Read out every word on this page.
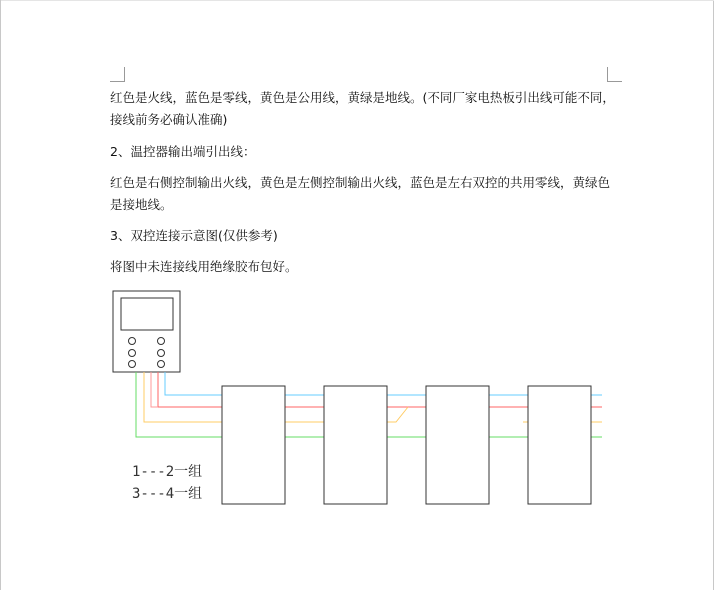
红色是火线，蓝色是零线，黄色是公用线，黄绿是地线。(不同厂家电热板引出线可能不同，
接线前务必确认准确)
2、温控器输出端引出线：
红色是右侧控制输出火线，黄色是左侧控制输出火线，蓝色是左右双控的共用零线，黄绿色
是接地线。
3、双控连接示意图(仅供参考)
将图中未连接线用绝缘胶布包好。
1---2一组
3---4一组
